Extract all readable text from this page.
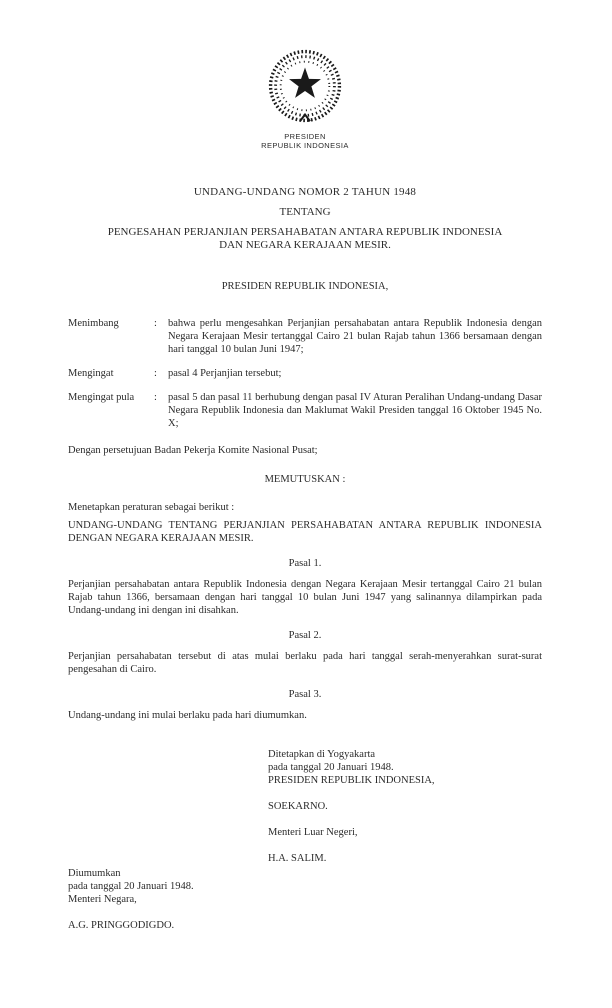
PRESIDEN
REPUBLIK INDONESIA
UNDANG-UNDANG NOMOR 2 TAHUN 1948
TENTANG
PENGESAHAN PERJANJIAN PERSAHABATAN ANTARA REPUBLIK INDONESIA
DAN NEGARA KERAJAAN MESIR.
PRESIDEN REPUBLIK INDONESIA,
Menimbang	:	bahwa perlu mengesahkan Perjanjian persahabatan antara Republik Indonesia dengan Negara Kerajaan Mesir tertanggal Cairo 21 bulan Rajab tahun 1366 bersamaan dengan hari tanggal 10 bulan Juni 1947;
Mengingat	:	pasal 4 Perjanjian tersebut;
Mengingat pula	:	pasal 5 dan pasal 11 berhubung dengan pasal IV Aturan Peralihan Undang-undang Dasar Negara Republik Indonesia dan Maklumat Wakil Presiden tanggal 16 Oktober 1945 No. X;
Dengan persetujuan Badan Pekerja Komite Nasional Pusat;
MEMUTUSKAN :
Menetapkan peraturan sebagai berikut :
UNDANG-UNDANG TENTANG PERJANJIAN PERSAHABATAN ANTARA REPUBLIK INDONESIA DENGAN NEGARA KERAJAAN MESIR.
Pasal 1.
Perjanjian persahabatan antara Republik Indonesia dengan Negara Kerajaan Mesir tertanggal Cairo 21 bulan Rajab tahun 1366, bersamaan dengan hari tanggal 10 bulan Juni 1947 yang salinannya dilampirkan pada Undang-undang ini dengan ini disahkan.
Pasal 2.
Perjanjian persahabatan tersebut di atas mulai berlaku pada hari tanggal serah-menyerahkan surat-surat pengesahan di Cairo.
Pasal 3.
Undang-undang ini mulai berlaku pada hari diumumkan.
Ditetapkan di Yogyakarta
pada tanggal 20 Januari 1948.
PRESIDEN REPUBLIK INDONESIA,
SOEKARNO.
Menteri Luar Negeri,
H.A. SALIM.
Diumumkan
pada tanggal 20 Januari 1948.
Menteri Negara,
A.G. PRINGGODIGDO.
